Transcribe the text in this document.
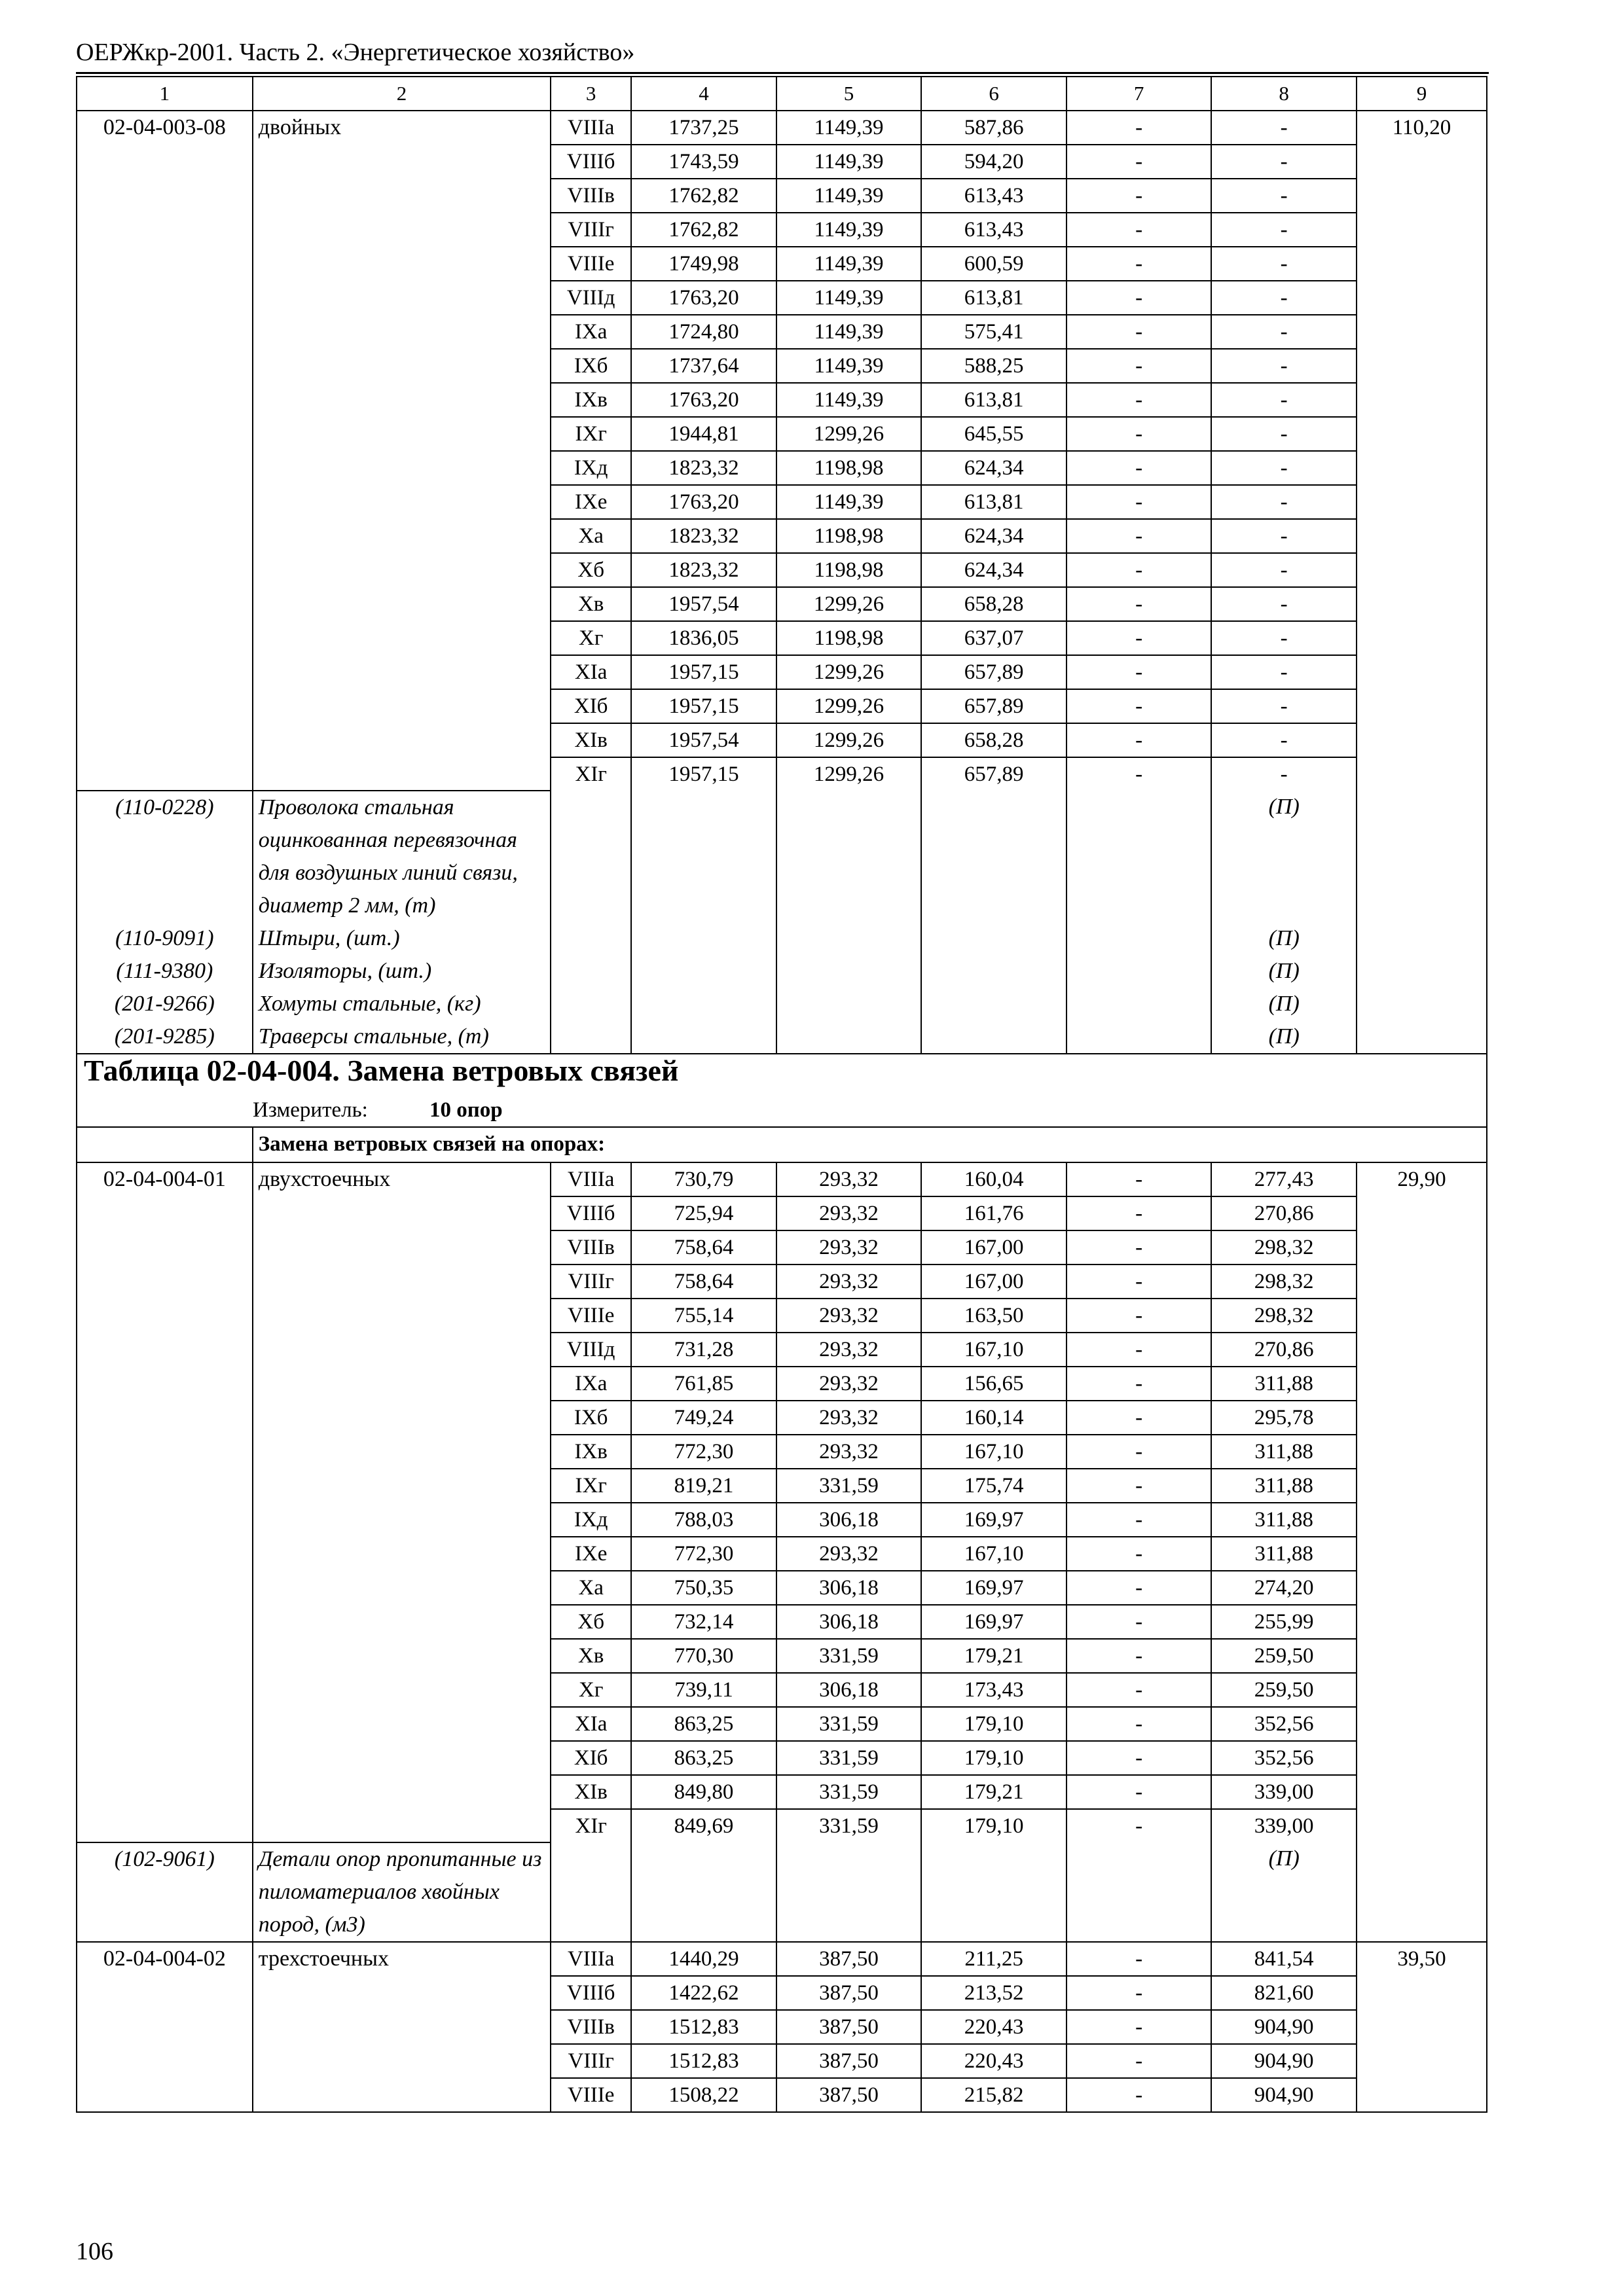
ОЕРЖкр-2001. Часть 2. «Энергетическое хозяйство»
1	2	3	4	5	6	7	8	9
02-04-003-08	двойных	VIIIа	1737,25	1149,39	587,86	-	-	110,20
		VIIIб	1743,59	1149,39	594,20	-	-	
		VIIIв	1762,82	1149,39	613,43	-	-	
		VIIIг	1762,82	1149,39	613,43	-	-	
		VIIIе	1749,98	1149,39	600,59	-	-	
		VIIIд	1763,20	1149,39	613,81	-	-	
		IXа	1724,80	1149,39	575,41	-	-	
		IXб	1737,64	1149,39	588,25	-	-	
		IXв	1763,20	1149,39	613,81	-	-	
		IXг	1944,81	1299,26	645,55	-	-	
		IXд	1823,32	1198,98	624,34	-	-	
		IXе	1763,20	1149,39	613,81	-	-	
		Xа	1823,32	1198,98	624,34	-	-	
		Xб	1823,32	1198,98	624,34	-	-	
		Xв	1957,54	1299,26	658,28	-	-	
		Xг	1836,05	1198,98	637,07	-	-	
		XIа	1957,15	1299,26	657,89	-	-	
		XIб	1957,15	1299,26	657,89	-	-	
		XIв	1957,54	1299,26	658,28	-	-	
		XIг	1957,15	1299,26	657,89	-	-	
(110-0228)	Проволока стальная оцинкованная перевязочная для воздушных линий связи, диаметр 2 мм, (т)						(П)	
(110-9091)	Штыри, (шт.)						(П)	
(111-9380)	Изоляторы, (шт.)						(П)	
(201-9266)	Хомуты стальные, (кг)						(П)	
(201-9285)	Траверсы стальные, (т)						(П)	
Таблица 02-04-004. Замена ветровых связей								
Измеритель: 10 опор								
	Замена ветровых связей на опорах:							
02-04-004-01	двухстоечных	VIIIа	730,79	293,32	160,04	-	277,43	29,90
		VIIIб	725,94	293,32	161,76	-	270,86	
		VIIIв	758,64	293,32	167,00	-	298,32	
		VIIIг	758,64	293,32	167,00	-	298,32	
		VIIIе	755,14	293,32	163,50	-	298,32	
		VIIIд	731,28	293,32	167,10	-	270,86	
		IXа	761,85	293,32	156,65	-	311,88	
		IXб	749,24	293,32	160,14	-	295,78	
		IXв	772,30	293,32	167,10	-	311,88	
		IXг	819,21	331,59	175,74	-	311,88	
		IXд	788,03	306,18	169,97	-	311,88	
		IXе	772,30	293,32	167,10	-	311,88	
		Xа	750,35	306,18	169,97	-	274,20	
		Xб	732,14	306,18	169,97	-	255,99	
		Xв	770,30	331,59	179,21	-	259,50	
		Xг	739,11	306,18	173,43	-	259,50	
		XIа	863,25	331,59	179,10	-	352,56	
		XIб	863,25	331,59	179,10	-	352,56	
		XIв	849,80	331,59	179,21	-	339,00	
		XIг	849,69	331,59	179,10	-	339,00	
(102-9061)	Детали опор пропитанные из пиломатериалов хвойных пород, (м3)						(П)	
02-04-004-02	трехстоечных	VIIIа	1440,29	387,50	211,25	-	841,54	39,50
		VIIIб	1422,62	387,50	213,52	-	821,60	
		VIIIв	1512,83	387,50	220,43	-	904,90	
		VIIIг	1512,83	387,50	220,43	-	904,90	
		VIIIе	1508,22	387,50	215,82	-	904,90	
106
